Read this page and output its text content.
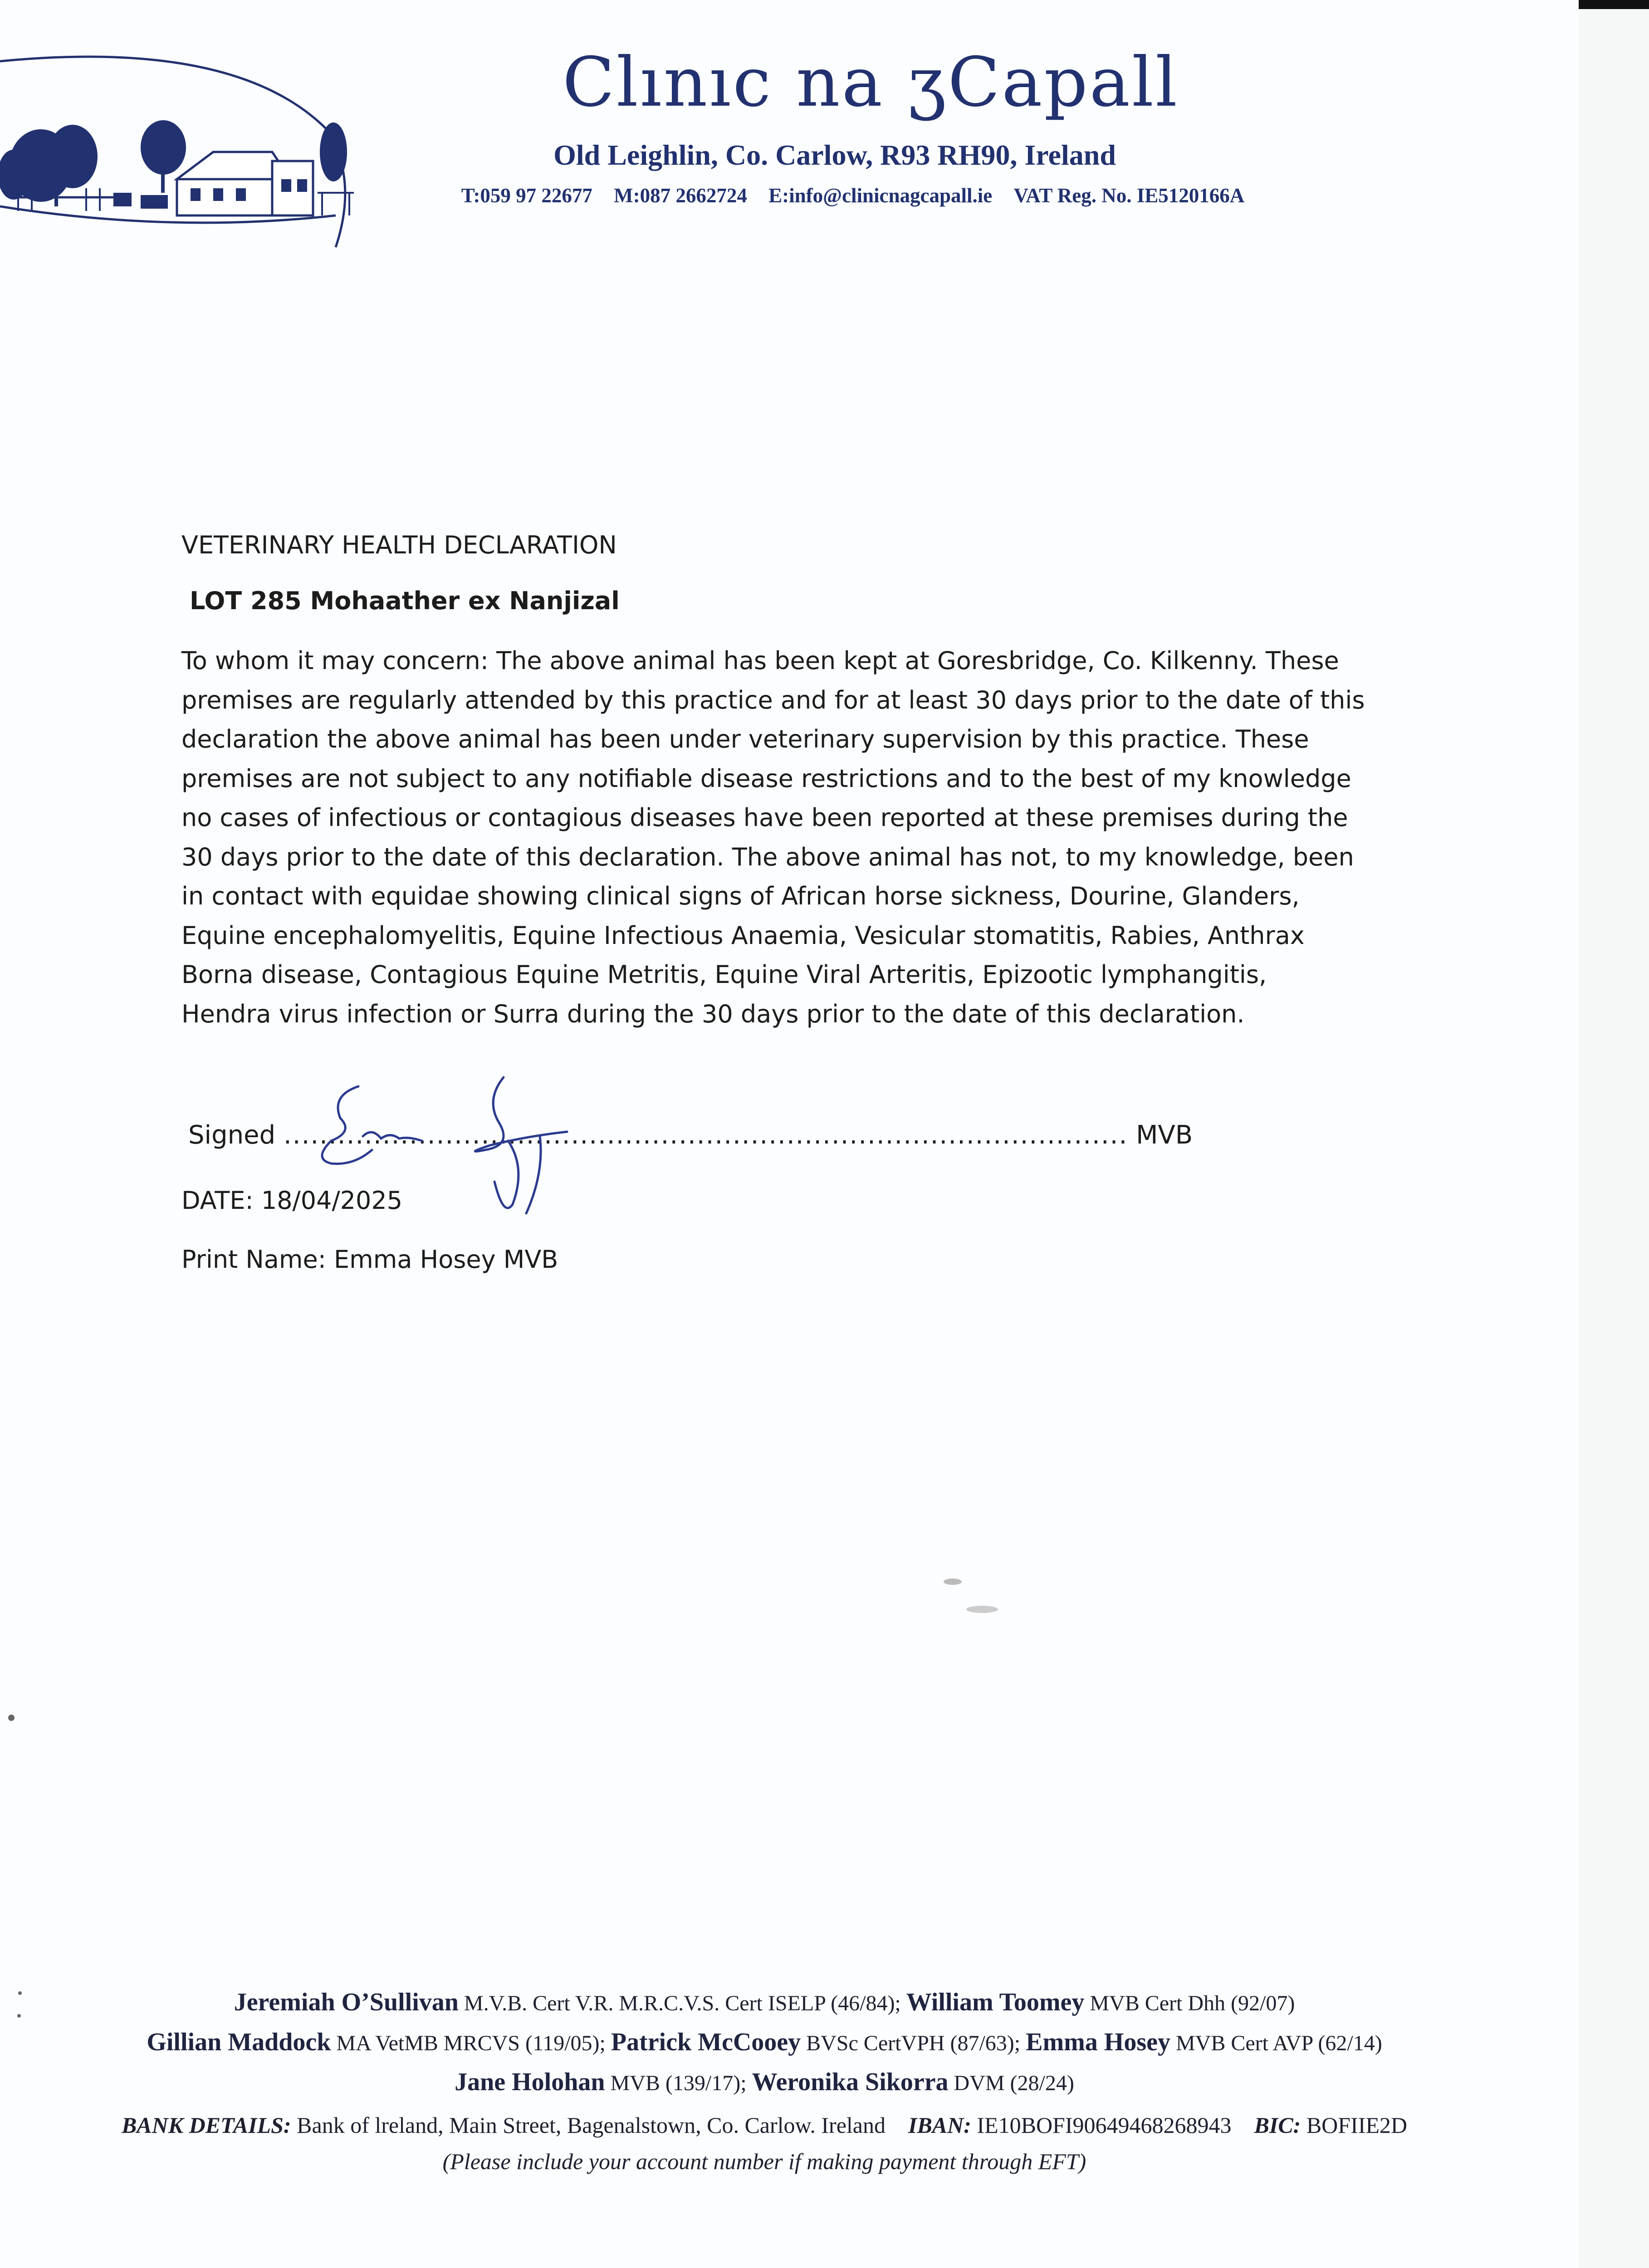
Clınıc na ʒCapall
Old Leighlin, Co. Carlow, R93 RH90, Ireland
T:059 97 22677 M:087 2662724 E:info@clinicnagcapall.ie VAT Reg. No. IE5120166A
VETERINARY HEALTH DECLARATION
LOT 285 Mohaather ex Nanjizal
To whom it may concern: The above animal has been kept at Goresbridge, Co. Kilkenny. These
premises are regularly attended by this practice and for at least 30 days prior to the date of this
declaration the above animal has been under veterinary supervision by this practice. These
premises are not subject to any notifiable disease restrictions and to the best of my knowledge
no cases of infectious or contagious diseases have been reported at these premises during the
30 days prior to the date of this declaration. The above animal has not, to my knowledge, been
in contact with equidae showing clinical signs of African horse sickness, Dourine, Glanders,
Equine encephalomyelitis, Equine Infectious Anaemia, Vesicular stomatitis, Rabies, Anthrax
Borna disease, Contagious Equine Metritis, Equine Viral Arteritis, Epizootic lymphangitis,
Hendra virus infection or Surra during the 30 days prior to the date of this declaration.
Signed .............................................................................................. MVB
DATE: 18/04/2025
Print Name: Emma Hosey MVB
Jeremiah O’Sullivan M.V.B. Cert V.R. M.R.C.V.S. Cert ISELP (46/84); William Toomey MVB Cert Dhh (92/07)
Gillian Maddock MA VetMB MRCVS (119/05); Patrick McCooey BVSc CertVPH (87/63); Emma Hosey MVB Cert AVP (62/14)
Jane Holohan MVB (139/17); Weronika Sikorra DVM (28/24)
BANK DETAILS: Bank of lreland, Main Street, Bagenalstown, Co. Carlow. Ireland IBAN: IE10BOFI90649468268943 BIC: BOFIIE2D
(Please include your account number if making payment through EFT)
